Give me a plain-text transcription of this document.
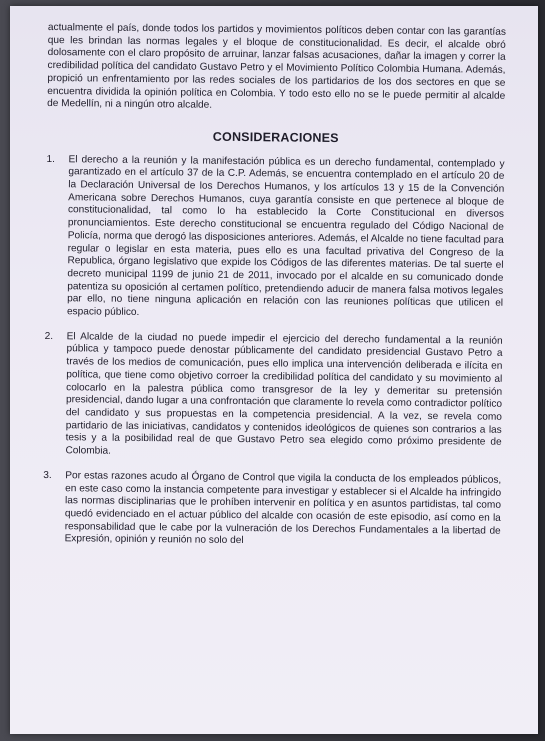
actualmente el país, donde todos los partidos y movimientos políticos deben contar con las garantías que les brindan las normas legales y el bloque de constitucionalidad. Es decir, el alcalde obró dolosamente con el claro propósito de arruinar, lanzar falsas acusaciones, dañar la imagen y correr la credibilidad política del candidato Gustavo Petro y el Movimiento Político Colombia Humana. Además, propició un enfrentamiento por las redes sociales de los partidarios de los dos sectores en que se encuentra dividida la opinión política en Colombia. Y todo esto ello no se le puede permitir al alcalde de Medellín, ni a ningún otro alcalde.

CONSIDERACIONES
1.	El derecho a la reunión y la manifestación pública es un derecho fundamental, contemplado y garantizado en el artículo 37 de la C.P. Además, se encuentra contemplado en el artículo 20 de la Declaración Universal de los Derechos Humanos, y los artículos 13 y 15 de la Convención Americana sobre Derechos Humanos, cuya garantía consiste en que pertenece al bloque de constitucionalidad, tal como lo ha establecido la Corte Constitucional en diversos pronunciamientos. Este derecho constitucional se encuentra regulado del Código Nacional de Policía, norma que derogó las disposiciones anteriores. Además, el Alcalde no tiene facultad para regular o legislar en esta materia, pues ello es una facultad privativa del Congreso de la Republica, órgano legislativo que expide los Códigos de las diferentes materias. De tal suerte el decreto municipal 1199 de junio 21 de 2011, invocado por el alcalde en su comunicado donde patentiza su oposición al certamen político, pretendiendo aducir de manera falsa motivos legales par ello, no tiene ninguna aplicación en relación con las reuniones políticas que utilicen el espacio público.
2.	El Alcalde de la ciudad no puede impedir el ejercicio del derecho fundamental a la reunión pública y tampoco puede denostar públicamente del candidato presidencial Gustavo Petro a través de los medios de comunicación, pues ello implica una intervención deliberada e ilícita en política, que tiene como objetivo corroer la credibilidad política del candidato y su movimiento al colocarlo en la palestra pública como transgresor de la ley y demeritar su pretensión presidencial, dando lugar a una confrontación que claramente lo revela como contradictor político del candidato y sus propuestas en la competencia presidencial. A la vez, se revela como partidario de las iniciativas, candidatos y contenidos ideológicos de quienes son contrarios a las tesis y a la posibilidad real de que Gustavo Petro sea elegido como próximo presidente de Colombia.
3.	Por estas razones acudo al Órgano de Control que vigila la conducta de los empleados públicos, en este caso como la instancia competente para investigar y establecer si el Alcalde ha infringido las normas disciplinarias que le prohíben intervenir en política y en asuntos partidistas, tal como quedó evidenciado en el actuar público del alcalde con ocasión de este episodio, así como en la responsabilidad que le cabe por la vulneración de los Derechos Fundamentales a la libertad de Expresión, opinión y reunión no solo del
